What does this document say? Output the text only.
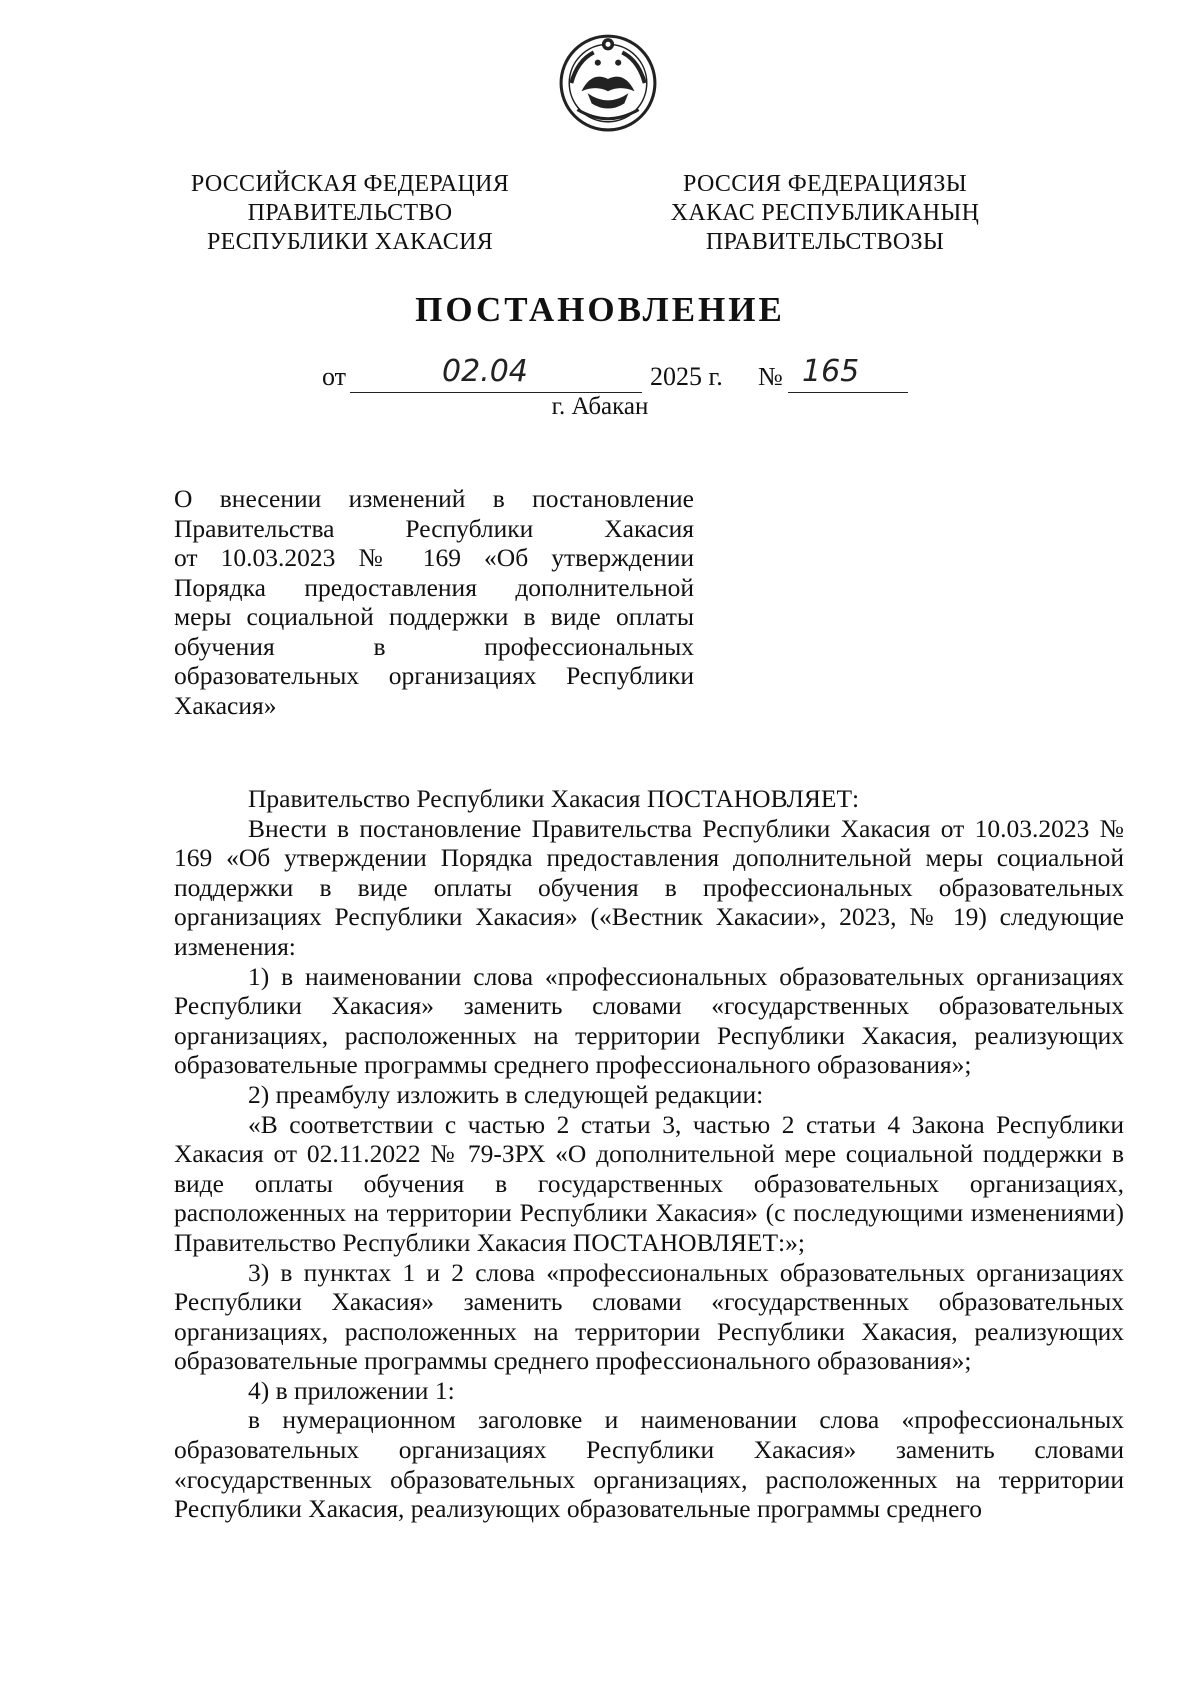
РОССИЙСКАЯ ФЕДЕРАЦИЯ
ПРАВИТЕЛЬСТВО
РЕСПУБЛИКИ ХАКАСИЯ
РОССИЯ ФЕДЕРАЦИЯЗЫ
ХАКАС РЕСПУБЛИКАНЫҢ
ПРАВИТЕЛЬСТВОЗЫ
ПОСТАНОВЛЕНИЕ
от	02.04	2025 г. № 165
г. Абакан
О внесении изменений в постановление
Правительства Республики Хакасия
от 10.03.2023 № 169 «Об утверждении
Порядка предоставления дополнительной
меры социальной поддержки в виде оплаты
обучения в профессиональных
образовательных организациях Республики
Хакасия»

Правительство Республики Хакасия ПОСТАНОВЛЯЕТ:

Внести в постановление Правительства Республики Хакасия от 10.03.2023 № 169 «Об утверждении Порядка предоставления дополнительной меры социальной поддержки в виде оплаты обучения в профессиональных образовательных организациях Республики Хакасия» («Вестник Хакасии», 2023, № 19) следующие изменения:

1) в наименовании слова «профессиональных образовательных организациях Республики Хакасия» заменить словами «государственных образовательных организациях, расположенных на территории Республики Хакасия, реализующих образовательные программы среднего профессионального образования»;

2) преамбулу изложить в следующей редакции:

«В соответствии с частью 2 статьи 3, частью 2 статьи 4 Закона Республики Хакасия от 02.11.2022 № 79-ЗРХ «О дополнительной мере социальной поддержки в виде оплаты обучения в государственных образовательных организациях, расположенных на территории Республики Хакасия» (с последующими изменениями) Правительство Республики Хакасия ПОСТАНОВЛЯЕТ:»;

3) в пунктах 1 и 2 слова «профессиональных образовательных организациях Республики Хакасия» заменить словами «государственных образовательных организациях, расположенных на территории Республики Хакасия, реализующих образовательные программы среднего профессионального образования»;

4) в приложении 1:

в нумерационном заголовке и наименовании слова «профессиональных образовательных организациях Республики Хакасия» заменить словами «государственных образовательных организациях, расположенных на территории Республики Хакасия, реализующих образовательные программы среднего
